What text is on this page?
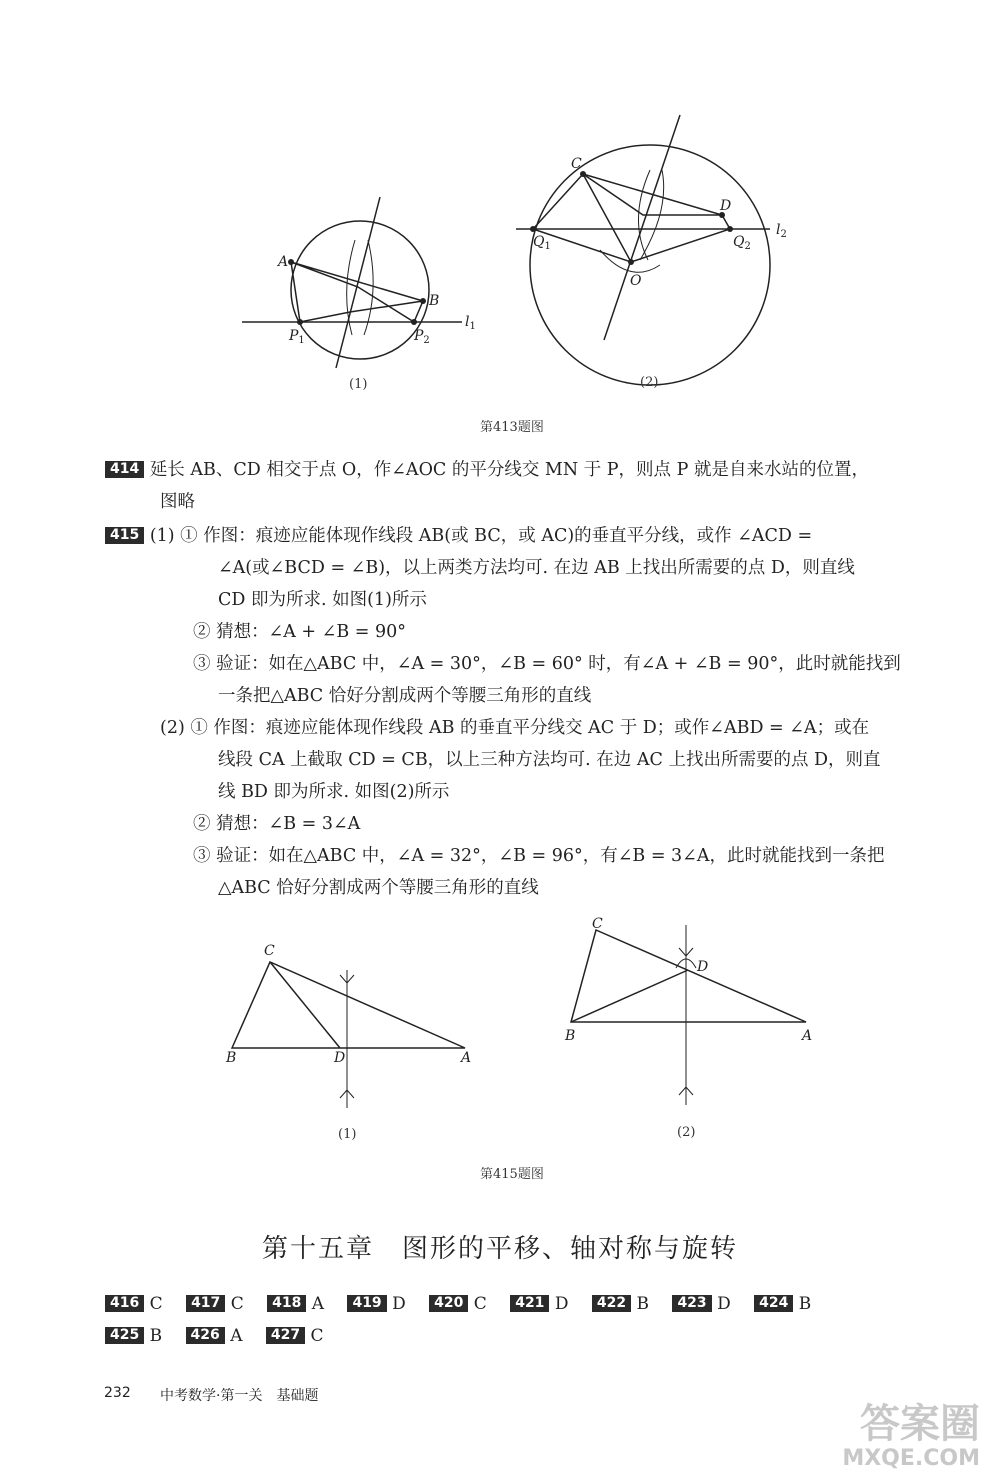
A
B
$P_1$	$P_2$
$l_1$
C
D
$Q_1$	$Q_2$
O
$l_2$
(1)	(2)
第413题图
414 延长 AB、CD 相交于点 O，作∠AOC 的平分线交 MN 于 P，则点 P 就是自来水站的位置，
图略
415 (1) ① 作图：痕迹应能体现作线段 AB(或 BC，或 AC)的垂直平分线，或作 ∠ACD =
∠A(或∠BCD = ∠B)，以上两类方法均可. 在边 AB 上找出所需要的点 D，则直线
CD 即为所求. 如图(1)所示
② 猜想：∠A + ∠B = 90°
③ 验证：如在△ABC 中，∠A = 30°，∠B = 60° 时，有∠A + ∠B = 90°，此时就能找到
一条把△ABC 恰好分割成两个等腰三角形的直线
(2) ① 作图：痕迹应能体现作线段 AB 的垂直平分线交 AC 于 D；或作∠ABD = ∠A；或在
线段 CA 上截取 CD = CB，以上三种方法均可. 在边 AC 上找出所需要的点 D，则直
线 BD 即为所求. 如图(2)所示
② 猜想：∠B = 3∠A
③ 验证：如在△ABC 中，∠A = 32°，∠B = 96°，有∠B = 3∠A，此时就能找到一条把
△ABC 恰好分割成两个等腰三角形的直线
C
B	D	A
C
D
B	A
(1)	(2)
第415题图
第十五章　图形的平移、轴对称与旋转
416 C 417 C 418 A 419 D 420 C 421 D 422 B 423 D 424 B
425 B 426 A 427 C
232 中考数学·第一关　基础题
答案圈
MXQE.COM
